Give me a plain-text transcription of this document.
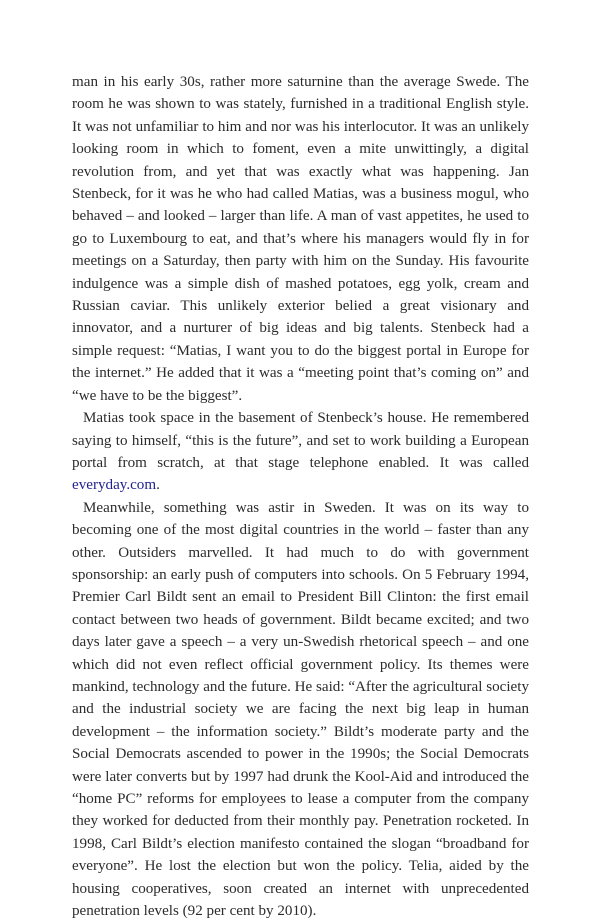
man in his early 30s, rather more saturnine than the average Swede. The room he was shown to was stately, furnished in a traditional English style. It was not unfamiliar to him and nor was his interlocutor. It was an unlikely looking room in which to foment, even a mite unwittingly, a digital revolution from, and yet that was exactly what was happening. Jan Stenbeck, for it was he who had called Matias, was a business mogul, who behaved – and looked – larger than life. A man of vast appetites, he used to go to Luxembourg to eat, and that’s where his managers would fly in for meetings on a Saturday, then party with him on the Sunday. His favourite indulgence was a simple dish of mashed potatoes, egg yolk, cream and Russian caviar. This unlikely exterior belied a great visionary and innovator, and a nurturer of big ideas and big talents. Stenbeck had a simple request: “Matias, I want you to do the biggest portal in Europe for the internet.” He added that it was a “meeting point that’s coming on” and “we have to be the biggest”.

Matias took space in the basement of Stenbeck’s house. He remembered saying to himself, “this is the future”, and set to work building a European portal from scratch, at that stage telephone enabled. It was called everyday.com.

Meanwhile, something was astir in Sweden. It was on its way to becoming one of the most digital countries in the world – faster than any other. Outsiders marvelled. It had much to do with government sponsorship: an early push of computers into schools. On 5 February 1994, Premier Carl Bildt sent an email to President Bill Clinton: the first email contact between two heads of government. Bildt became excited; and two days later gave a speech – a very un-Swedish rhetorical speech – and one which did not even reflect official government policy. Its themes were mankind, technology and the future. He said: “After the agricultural society and the industrial society we are facing the next big leap in human development – the information society.” Bildt’s moderate party and the Social Democrats ascended to power in the 1990s; the Social Democrats were later converts but by 1997 had drunk the Kool-Aid and introduced the “home PC” reforms for employees to lease a computer from the company they worked for deducted from their monthly pay. Penetration rocketed. In 1998, Carl Bildt’s election manifesto contained the slogan “broadband for everyone”. He lost the election but won the policy. Telia, aided by the housing cooperatives, soon created an internet with unprecedented penetration levels (92 per cent by 2010).
